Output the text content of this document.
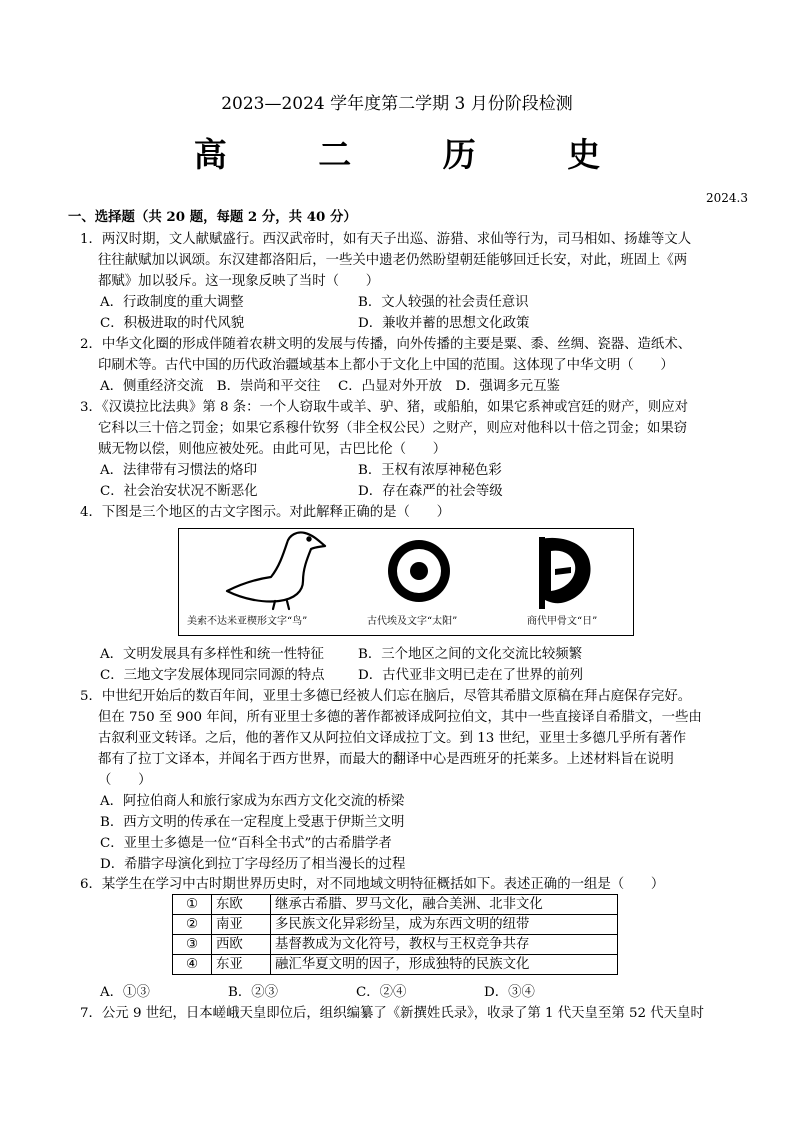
2023—2024 学年度第二学期 3 月份阶段检测
高 二 历 史
2024.3
一、选择题（共 20 题，每题 2 分，共 40 分）
1．两汉时期，文人献赋盛行。西汉武帝时，如有天子出巡、游猎、求仙等行为，司马相如、扬雄等文人
往往献赋加以讽颂。东汉建都洛阳后，一些关中遗老仍然盼望朝廷能够回迁长安，对此，班固上《两
都赋》加以驳斥。这一现象反映了当时（　　）
A．行政制度的重大调整	B．文人较强的社会责任意识
C．积极进取的时代风貌	D．兼收并蓄的思想文化政策
2．中华文化圈的形成伴随着农耕文明的发展与传播，向外传播的主要是粟、黍、丝绸、瓷器、造纸术、
印刷术等。古代中国的历代政治疆域基本上都小于文化上中国的范围。这体现了中华文明（　　）
A．侧重经济交流　B．崇尚和平交往　 C．凸显对外开放　D．强调多元互鉴
3．《汉谟拉比法典》第 8 条：一个人窃取牛或羊、驴、猪，或船舶，如果它系神或宫廷的财产，则应对
它科以三十倍之罚金；如果它系穆什钦努（非全权公民）之财产，则应对他科以十倍之罚金；如果窃
贼无物以偿，则他应被处死。由此可见，古巴比伦（　　）
A．法律带有习惯法的烙印	B．王权有浓厚神秘色彩
C．社会治安状况不断恶化	D．存在森严的社会等级
4．下图是三个地区的古文字图示。对此解释正确的是（　　）
美索不达米亚楔形文字“鸟”	古代埃及文字“太阳”	商代甲骨文“日”
A．文明发展具有多样性和统一性特征	B．三个地区之间的文化交流比较频繁
C．三地文字发展体现同宗同源的特点	D．古代亚非文明已走在了世界的前列
5．中世纪开始后的数百年间，亚里士多德已经被人们忘在脑后，尽管其希腊文原稿在拜占庭保存完好。
但在 750 至 900 年间，所有亚里士多德的著作都被译成阿拉伯文，其中一些直接译自希腊文，一些由
古叙利亚文转译。之后，他的著作又从阿拉伯文译成拉丁文。到 13 世纪，亚里士多德几乎所有著作
都有了拉丁文译本，并闻名于西方世界，而最大的翻译中心是西班牙的托莱多。上述材料旨在说明
（　　）
A．阿拉伯商人和旅行家成为东西方文化交流的桥梁
B．西方文明的传承在一定程度上受惠于伊斯兰文明
C．亚里士多德是一位“百科全书式”的古希腊学者
D．希腊字母演化到拉丁字母经历了相当漫长的过程
6．某学生在学习中古时期世界历史时，对不同地域文明特征概括如下。表述正确的一组是（　　）
①	东欧	继承古希腊、罗马文化，融合美洲、北非文化
②	南亚	多民族文化异彩纷呈，成为东西文明的纽带
③	西欧	基督教成为文化符号，教权与王权竞争共存
④	东亚	融汇华夏文明的因子，形成独特的民族文化
A．①③	B．②③	C．②④	D．③④
7．公元 9 世纪，日本嵯峨天皇即位后，组织编纂了《新撰姓氏录》，收录了第 1 代天皇至第 52 代天皇时
